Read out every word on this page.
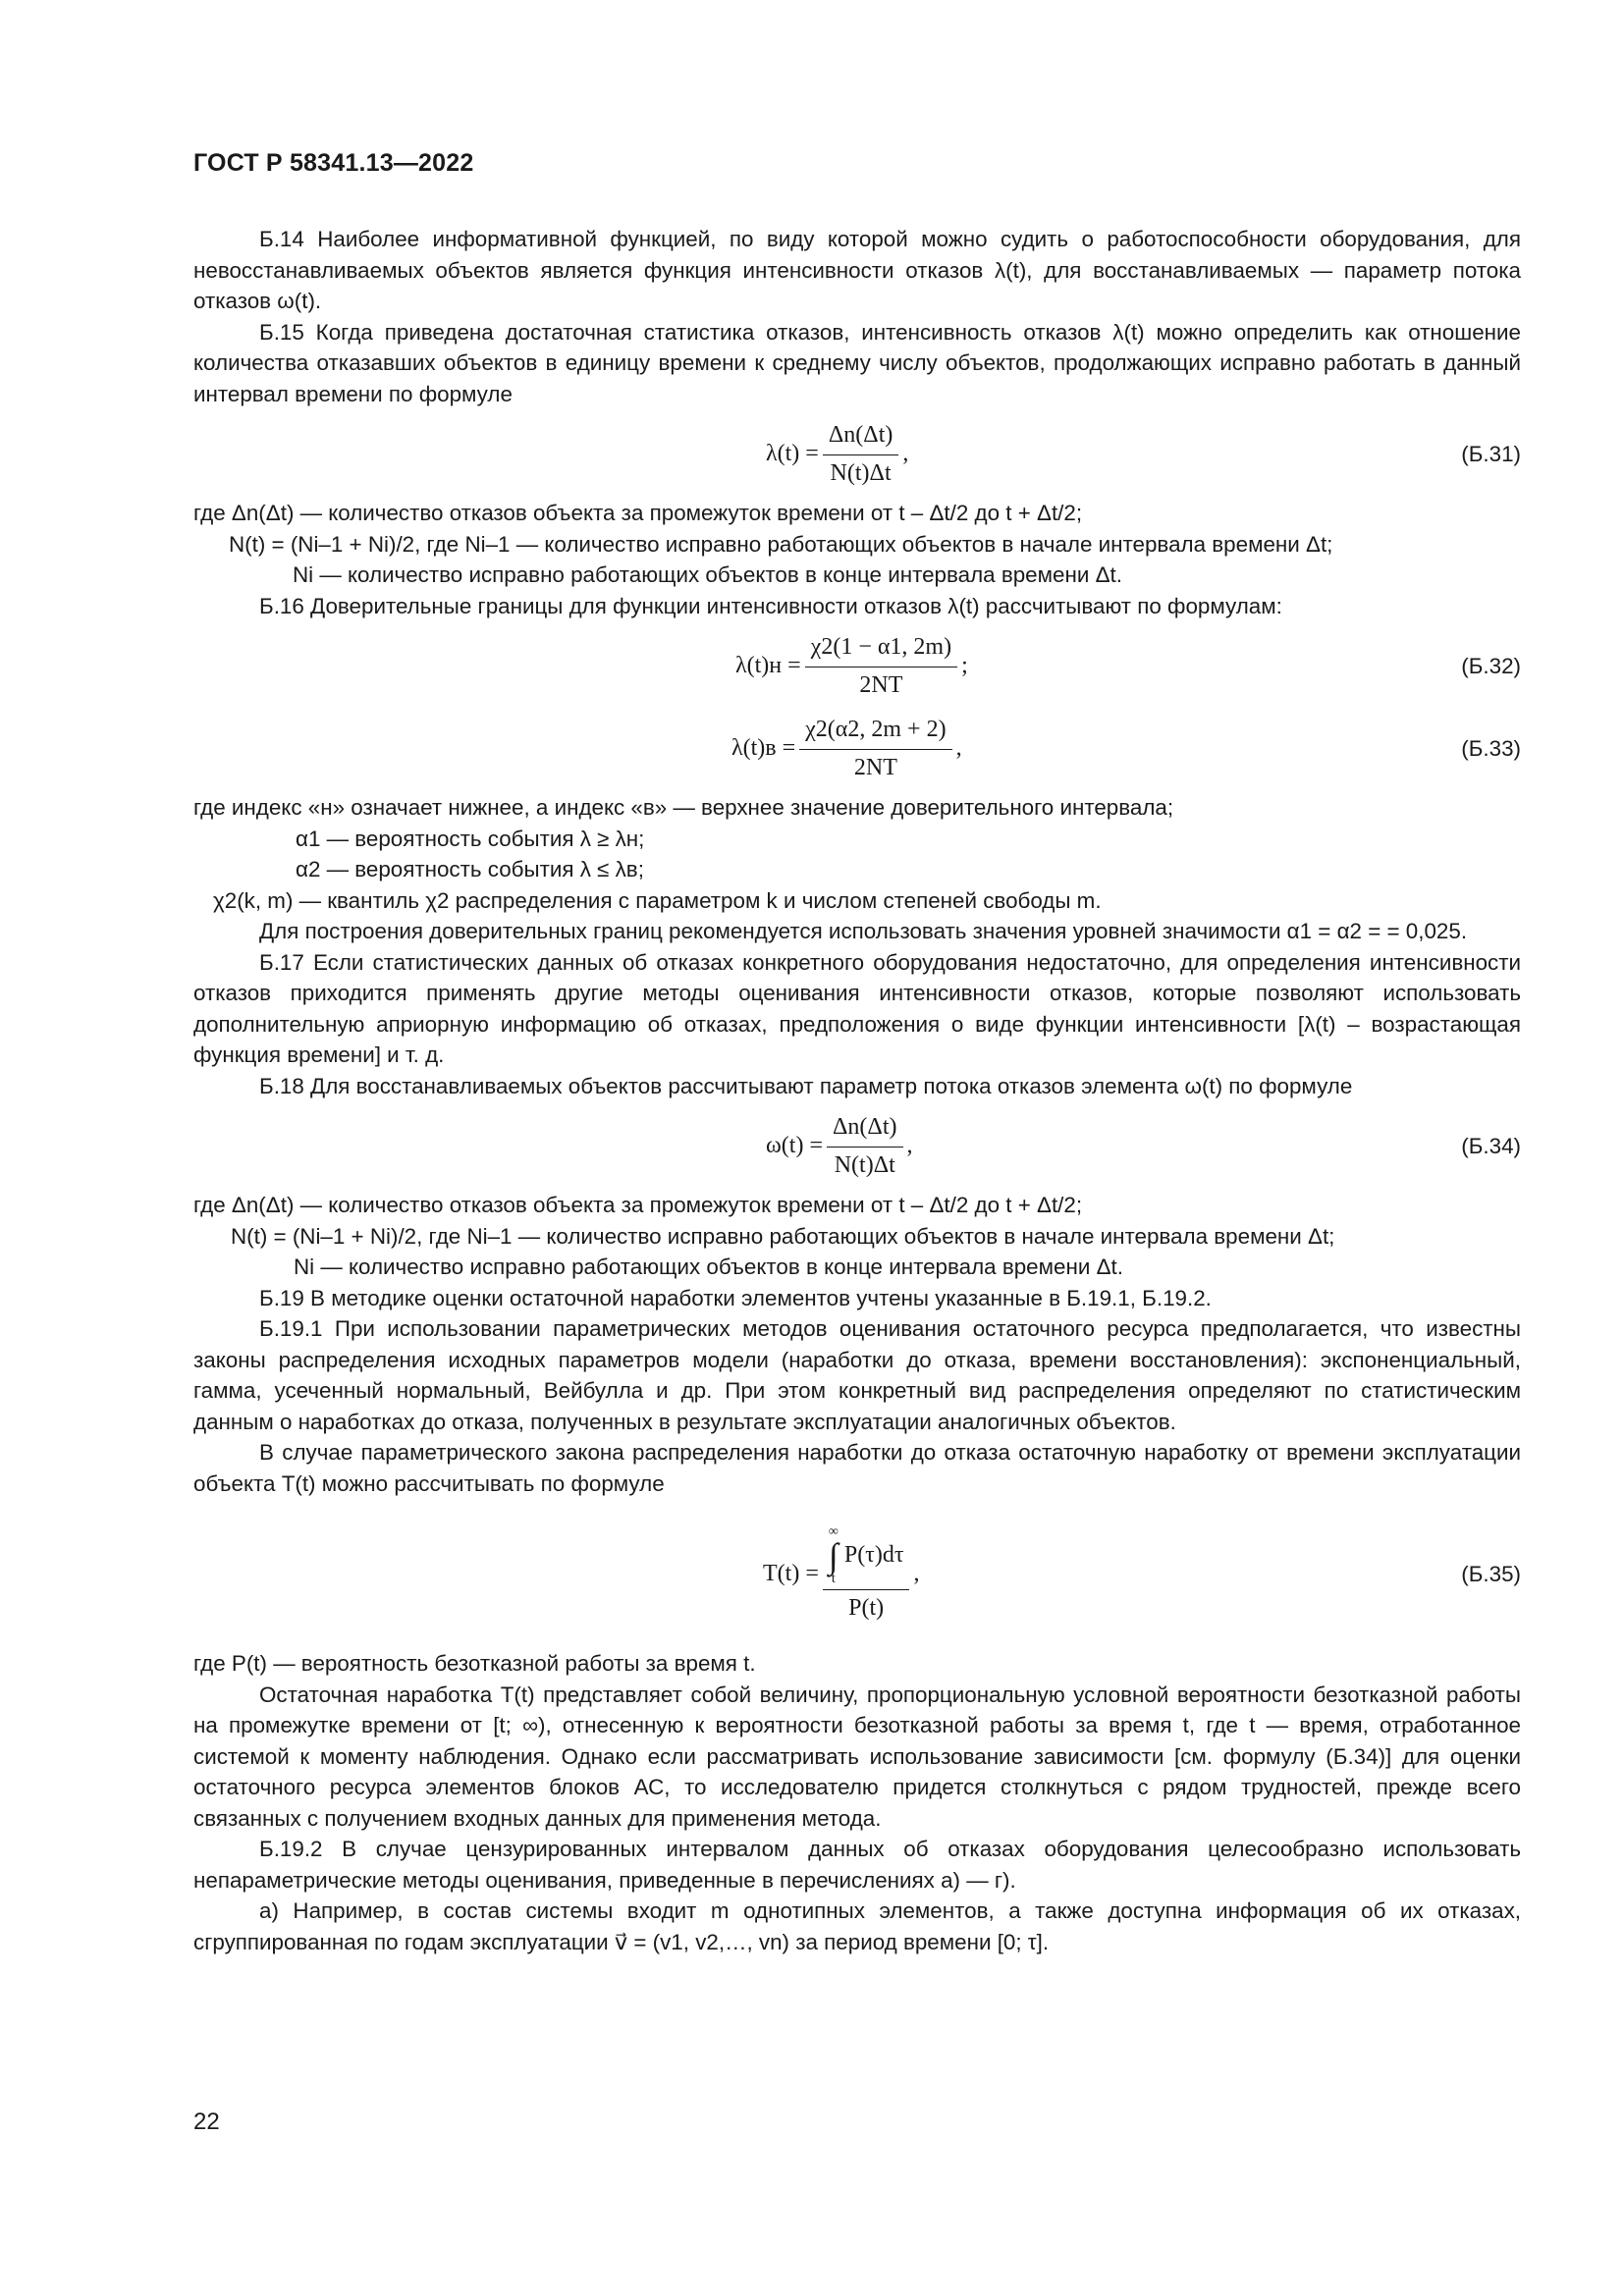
ГОСТ Р 58341.13—2022

Б.14 Наиболее информативной функцией, по виду которой можно судить о работоспособности оборудования, для невосстанавливаемых объектов является функция интенсивности отказов λ(t), для восстанавливаемых — параметр потока отказов ω(t).

Б.15 Когда приведена достаточная статистика отказов, интенсивность отказов λ(t) можно определить как отношение количества отказавших объектов в единицу времени к среднему числу объектов, продолжающих исправно работать в данный интервал времени по формуле

$\lambda(t) = \frac{\Delta n(\Delta t)}{N(t)\Delta t}$ ,	(Б.31)

где Δn(Δt) — количество отказов объекта за промежуток времени от t – Δt/2 до t + Δt/2;

N(t) = (Ni–1 + Ni)/2, где Ni–1 — количество исправно работающих объектов в начале интервала времени Δt;

Ni — количество исправно работающих объектов в конце интервала времени Δt.

Б.16 Доверительные границы для функции интенсивности отказов λ(t) рассчитывают по формулам:

$\lambda(t)н = \frac{\chi 2(1 - \alpha 1, 2m)}{2NT}$ ;	(Б.32)
$\lambda(t)в = \frac{\chi 2(\alpha 2, 2m + 2)}{2NT}$ ,	(Б.33)

где индекс «н» означает нижнее, а индекс «в» — верхнее значение доверительного интервала;

α1 — вероятность события λ ≥ λн;

α2 — вероятность события λ ≤ λв;

χ2(k, m) — квантиль χ2 распределения с параметром k и числом степеней свободы m.

Для построения доверительных границ рекомендуется использовать значения уровней значимости α1 = α2 = = 0,025.

Б.17 Если статистических данных об отказах конкретного оборудования недостаточно, для определения интенсивности отказов приходится применять другие методы оценивания интенсивности отказов, которые позволяют использовать дополнительную априорную информацию об отказах, предположения о виде функции интенсивности [λ(t) – возрастающая функция времени] и т. д.

Б.18 Для восстанавливаемых объектов рассчитывают параметр потока отказов элемента ω(t) по формуле

$\omega(t) = \frac{\Delta n(\Delta t)}{N(t)\Delta t}$ ,	(Б.34)

где Δn(Δt) — количество отказов объекта за промежуток времени от t – Δt/2 до t + Δt/2;

N(t) = (Ni–1 + Ni)/2, где Ni–1 — количество исправно работающих объектов в начале интервала времени Δt;

Ni — количество исправно работающих объектов в конце интервала времени Δt.

Б.19 В методике оценки остаточной наработки элементов учтены указанные в Б.19.1, Б.19.2.

Б.19.1 При использовании параметрических методов оценивания остаточного ресурса предполагается, что известны законы распределения исходных параметров модели (наработки до отказа, времени восстановления): экспоненциальный, гамма, усеченный нормальный, Вейбулла и др. При этом конкретный вид распределения определяют по статистическим данным о наработках до отказа, полученных в результате эксплуатации аналогичных объектов.

В случае параметрического закона распределения наработки до отказа остаточную наработку от времени эксплуатации объекта T(t) можно рассчитывать по формуле

T(t) =
∞
∫
t
P(τ)dτ
P(t)
,	(Б.35)

где P(t) — вероятность безотказной работы за время t.

Остаточная наработка T(t) представляет собой величину, пропорциональную условной вероятности безотказной работы на промежутке времени от [t; ∞), отнесенную к вероятности безотказной работы за время t, где t — время, отработанное системой к моменту наблюдения. Однако если рассматривать использование зависимости [см. формулу (Б.34)] для оценки остаточного ресурса элементов блоков АС, то исследователю придется столкнуться с рядом трудностей, прежде всего связанных с получением входных данных для применения метода.

Б.19.2 В случае цензурированных интервалом данных об отказах оборудования целесообразно использовать непараметрические методы оценивания, приведенные в перечислениях а) — г).

а) Например, в состав системы входит m однотипных элементов, а также доступна информация об их отказах, сгруппированная по годам эксплуатации v⃗ = (v1, v2,…, vn) за период времени [0; τ].

22
